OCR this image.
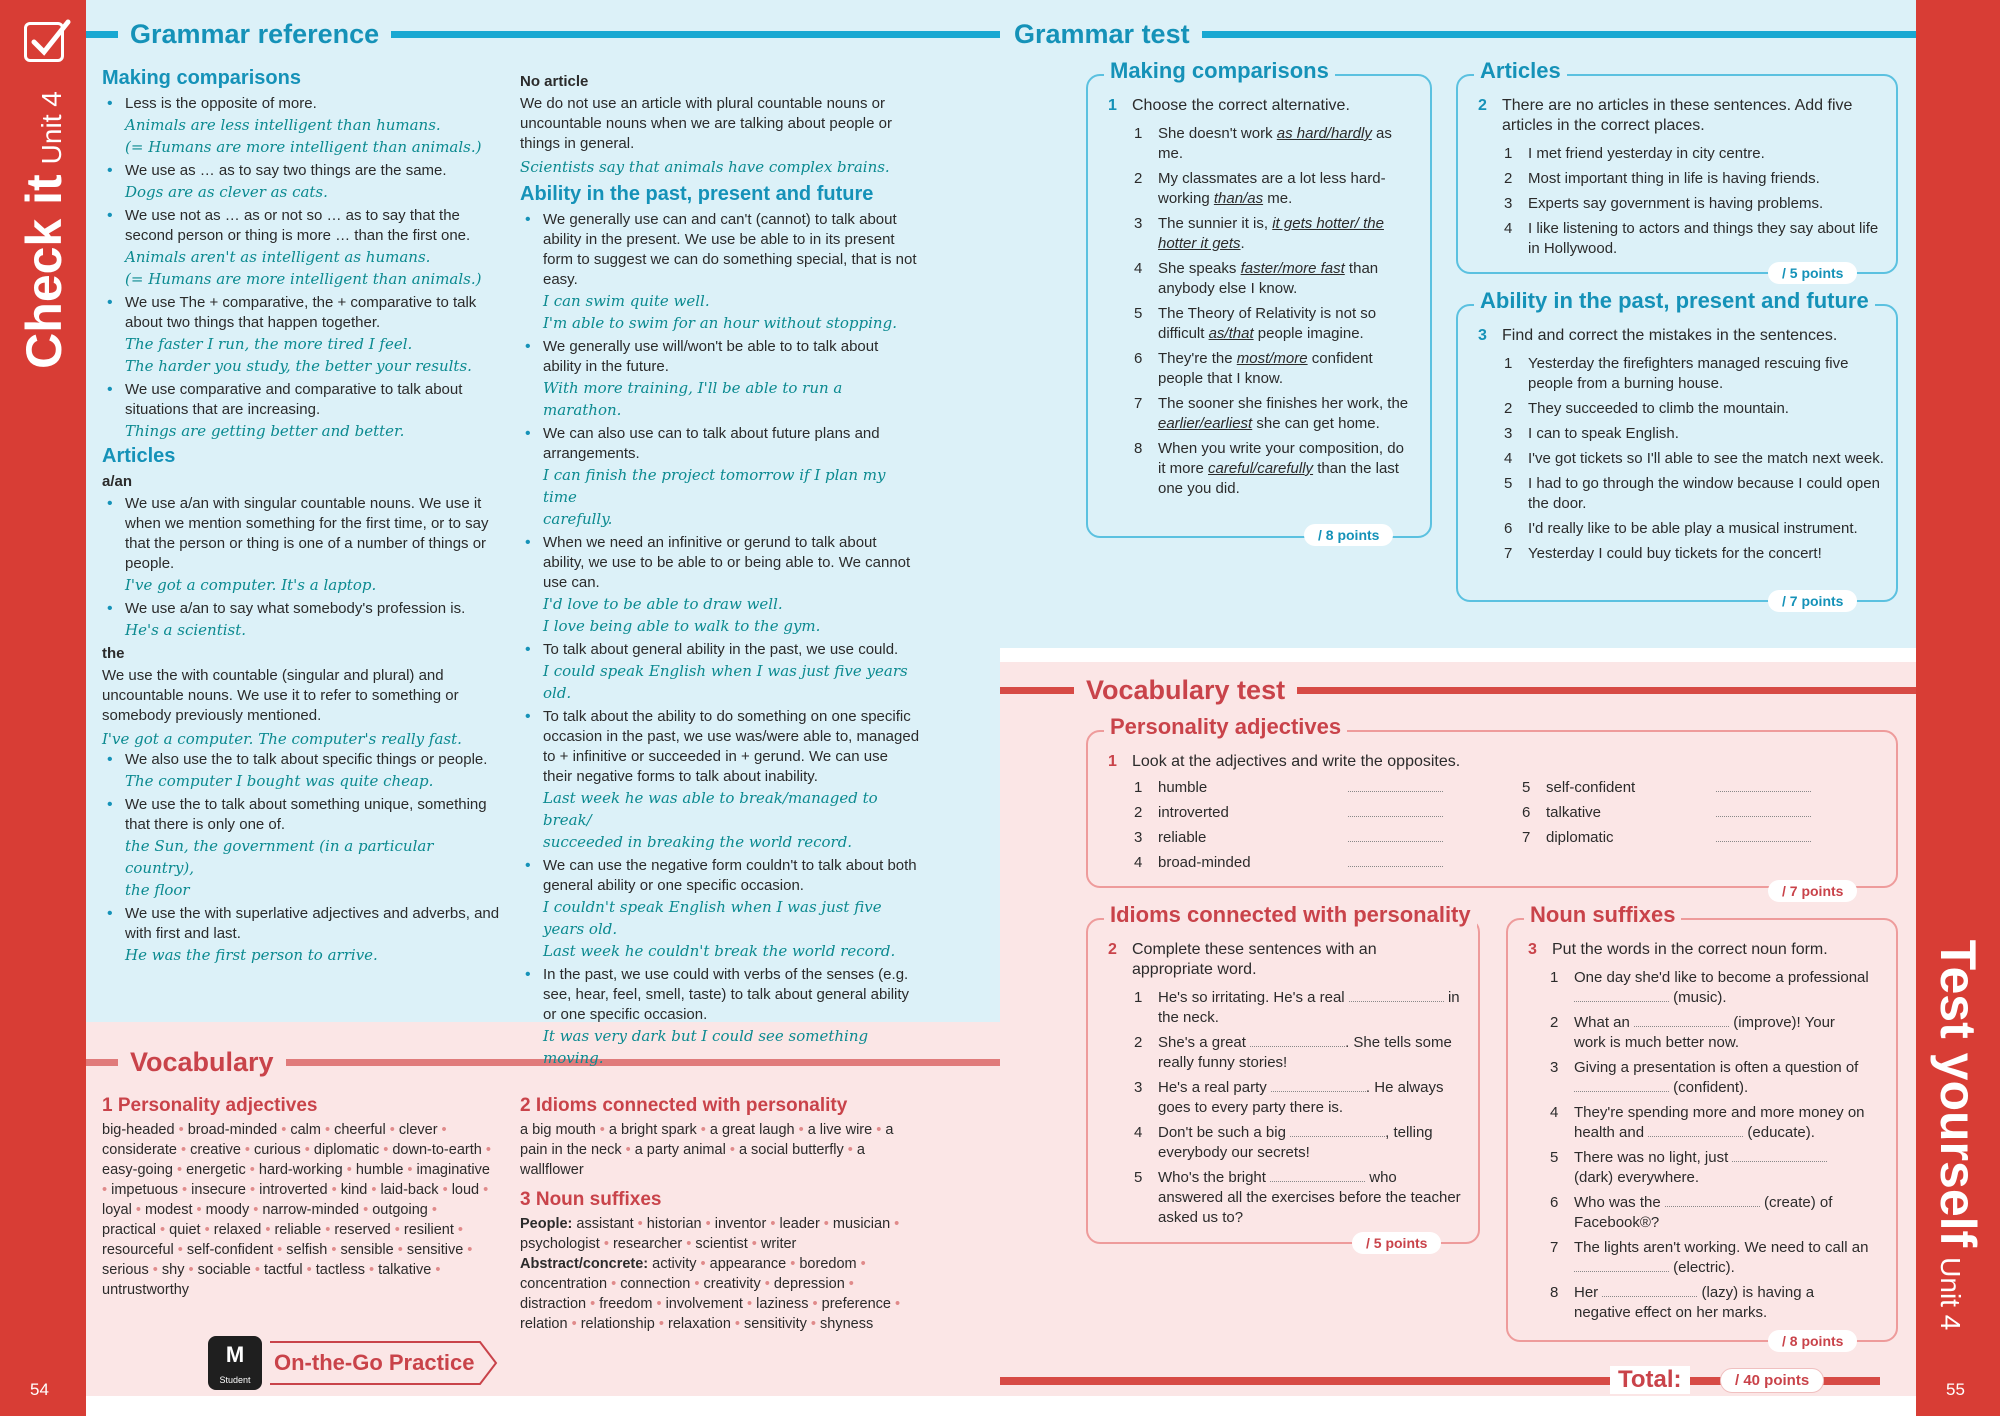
Check itUnit 4
54
Test yourselfUnit 4
55
Grammar reference	Grammar test
Vocabulary
Vocabulary test
Making comparisons
• Less is the opposite of more.
Animals are less intelligent than humans.
(= Humans are more intelligent than animals.)
• We use as … as to say two things are the same.
Dogs are as clever as cats.
• We use not as … as or not so … as to say that the second person or thing is more … than the first one.
Animals aren't as intelligent as humans.
(= Humans are more intelligent than animals.)
• We use The + comparative, the + comparative to talk about two things that happen together.
The faster I run, the more tired I feel.
The harder you study, the better your results.
• We use comparative and comparative to talk about situations that are increasing.
Things are getting better and better.
Articles
a/an
• We use a/an with singular countable nouns. We use it when we mention something for the first time, or to say that the person or thing is one of a number of things or people.
I've got a computer. It's a laptop.
• We use a/an to say what somebody's profession is.
He's a scientist.
the

We use the with countable (singular and plural) and uncountable nouns. We use it to refer to something or somebody previously mentioned.

I've got a computer. The computer's really fast.
• We also use the to talk about specific things or people.
The computer I bought was quite cheap.
• We use the to talk about something unique, something that there is only one of.
the Sun, the government (in a particular country),
the floor
• We use the with superlative adjectives and adverbs, and with first and last.
He was the first person to arrive.
No article

We do not use an article with plural countable nouns or uncountable nouns when we are talking about people or things in general.

Scientists say that animals have complex brains.
Ability in the past, present and future
• We generally use can and can't (cannot) to talk about ability in the present. We use be able to in its present form to suggest we can do something special, that is not easy.
I can swim quite well.
I'm able to swim for an hour without stopping.
• We generally use will/won't be able to to talk about ability in the future.
With more training, I'll be able to run a marathon.
• We can also use can to talk about future plans and arrangements.
I can finish the project tomorrow if I plan my time
carefully.
• When we need an infinitive or gerund to talk about ability, we use to be able to or being able to. We cannot use can.
I'd love to be able to draw well.
I love being able to walk to the gym.
• To talk about general ability in the past, we use could.
I could speak English when I was just five years old.
• To talk about the ability to do something on one specific occasion in the past, we use was/were able to, managed to + infinitive or succeeded in + gerund. We can use their negative forms to talk about inability.
Last week he was able to break/managed to break/
succeeded in breaking the world record.
• We can use the negative form couldn't to talk about both general ability or one specific occasion.
I couldn't speak English when I was just five years old.
Last week he couldn't break the world record.
• In the past, we use could with verbs of the senses (e.g. see, hear, feel, smell, taste) to talk about general ability or one specific occasion.
It was very dark but I could see something moving.
1 Personality adjectives
big-headed • broad-minded • calm • cheerful • clever • considerate • creative • curious • diplomatic • down-to-earth • easy-going • energetic • hard-working • humble • imaginative • impetuous • insecure • introverted • kind • laid-back • loud • loyal • modest • moody • narrow-minded • outgoing • practical • quiet • relaxed • reliable • reserved • resilient • resourceful • self-confident • selfish • sensible • sensitive • serious • shy • sociable • tactful • tactless • talkative • untrustworthy
2 Idioms connected with personality
a big mouth • a bright spark • a great laugh • a live wire • a pain in the neck • a party animal • a social butterfly • a wallflower
3 Noun suffixes
People: assistant • historian • inventor • leader • musician • psychologist • researcher • scientist • writer Abstract/concrete: activity • appearance • boredom • concentration • connection • creativity • depression • distraction • freedom • involvement • laziness • preference • relation • relationship • relaxation • sensitivity • shyness
M Student
On-the-Go Practice
Making comparisons
1 Choose the correct alternative.
1 She doesn't work as hard/hardly as me.
2 My classmates are a lot less hard-working than/as me.
3 The sunnier it is, it gets hotter/ the hotter it gets.
4 She speaks faster/more fast than anybody else I know.
5 The Theory of Relativity is not so difficult as/that people imagine.
6 They're the most/more confident people that I know.
7 The sooner she finishes her work, the earlier/earliest she can get home.
8 When you write your composition, do it more careful/carefully than the last one you did.
/ 8 points
Articles
2 There are no articles in these sentences. Add five articles in the correct places.
1 I met friend yesterday in city centre.
2 Most important thing in life is having friends.
3 Experts say government is having problems.
4 I like listening to actors and things they say about life in Hollywood.
/ 5 points
Ability in the past, present and future
3 Find and correct the mistakes in the sentences.
1 Yesterday the firefighters managed rescuing five people from a burning house.
2 They succeeded to climb the mountain.
3 I can to speak English.
4 I've got tickets so I'll able to see the match next week.
5 I had to go through the window because I could open the door.
6 I'd really like to be able play a musical instrument.
7 Yesterday I could buy tickets for the concert!
/ 7 points
Personality adjectives
1 Look at the adjectives and write the opposites.
1 humble
2 introverted
3 reliable
4 broad-minded
5 self-confident
6 talkative
7 diplomatic
/ 7 points
Idioms connected with personality
2 Complete these sentences with an appropriate word.
1 He's so irritating. He's a real	in the neck.
2 She's a great	. She tells some really funny stories!
3 He's a real party	. He always goes to every party there is.
4 Don't be such a big	, telling everybody our secrets!
5 Who's the bright	who answered all the exercises before the teacher asked us to?
/ 5 points
Noun suffixes
3 Put the words in the correct noun form.
1 One day she'd like to become a professional  (music).
2 What an	(improve)! Your work is much better now.
3 Giving a presentation is often a question of  (confident).
4 They're spending more and more money on health and	(educate).
5 There was no light, just  (dark) everywhere.
6 Who was the	(create) of Facebook®?
7 The lights aren't working. We need to call an  (electric).
8 Her	(lazy) is having a negative effect on her marks.
/ 8 points
Total:	/ 40 points
